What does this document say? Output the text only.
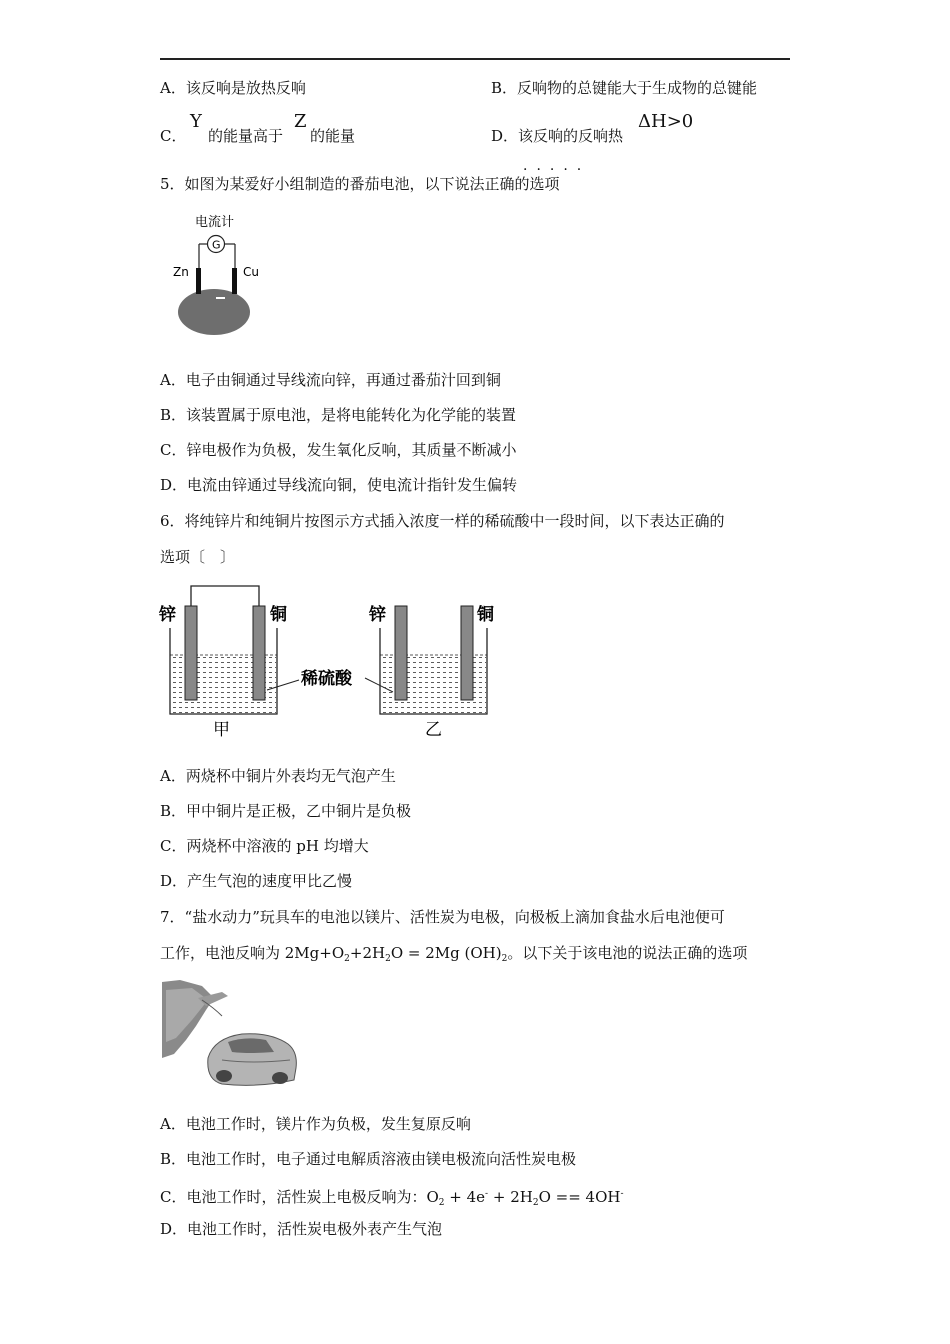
A．该反响是放热反响	B．反响物的总键能大于生成物的总键能
C．
Y
的能量高于
Z
的能量	D．该反响的反响热
ΔH>0
·····
5．如图为某爱好小组制造的番茄电池，以下说法正确的选项
电流计
G
Zn	Cu
A．电子由铜通过导线流向锌，再通过番茄汁回到铜
B．该装置属于原电池，是将电能转化为化学能的装置
C．锌电极作为负极，发生氧化反响，其质量不断减小
D．电流由锌通过导线流向铜，使电流计指针发生偏转
6．将纯锌片和纯铜片按图示方式插入浓度一样的稀硫酸中一段时间，以下表达正确的
选项〔　〕
锌	铜
甲
稀硫酸
锌	铜
乙
A．两烧杯中铜片外表均无气泡产生
B．甲中铜片是正极，乙中铜片是负极
C．两烧杯中溶液的 pH 均增大
D．产生气泡的速度甲比乙慢
7．“盐水动力”玩具车的电池以镁片、活性炭为电极，向极板上滴加食盐水后电池便可
工作，电池反响为 $2Mg+O_2+2H_2O = 2Mg$ $(OH)_2$。以下关于该电池的说法正确的选项
A．电池工作时，镁片作为负极，发生复原反响
B．电池工作时，电子通过电解质溶液由镁电极流向活性炭电极
C．电池工作时，活性炭上电极反响为：$O_2 + 4e^- + 2H_2O == 4OH^-$
D．电池工作时，活性炭电极外表产生气泡
